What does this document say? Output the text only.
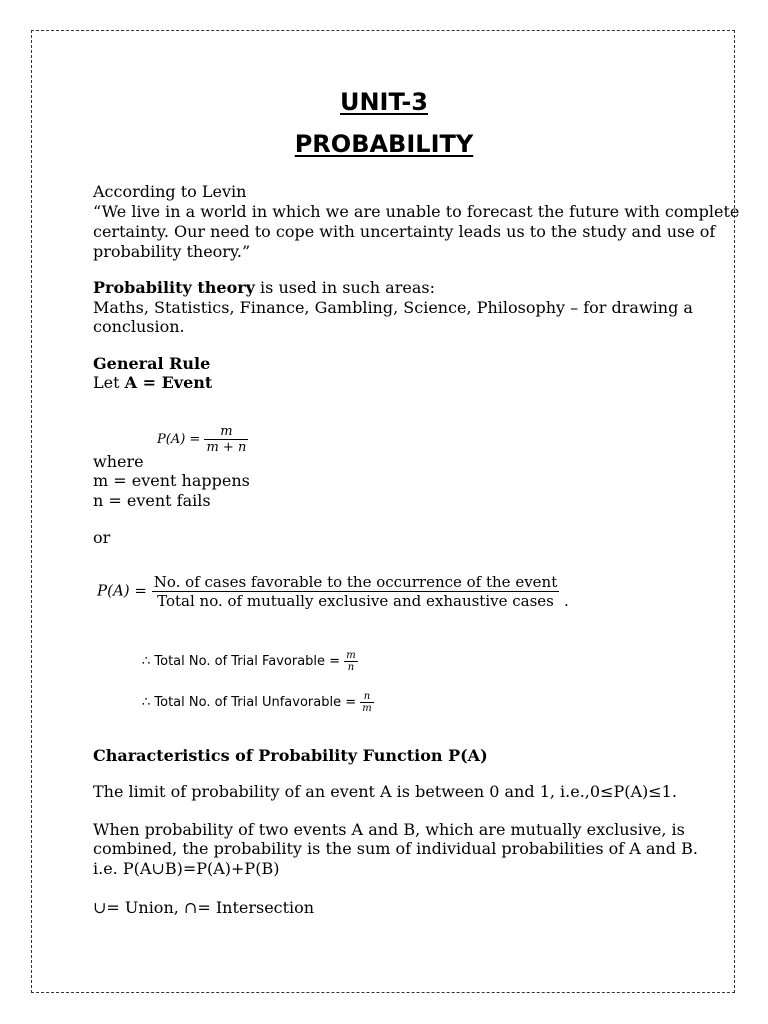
UNIT-3
PROBABILITY
According to Levin
“We live in a world in which we are unable to forecast the future with complete
certainty. Our need to cope with uncertainty leads us to the study and use of
probability theory.”
Probability theory is used in such areas:
Maths, Statistics, Finance, Gambling, Science, Philosophy – for drawing a
conclusion.
General Rule
Let A = Event
$P(A) = \frac{m}{m + n}$
where
m = event happens
n = event fails
or
$P(A) = \frac{\text{No. of cases favorable to the occurrence of the event}}{\text{Total no. of mutually exclusive and exhaustive cases}}$ .
∴ Total No. of Trial Favorable = $\frac{m}{n}$
∴ Total No. of Trial Unfavorable = $\frac{n}{m}$
Characteristics of Probability Function P(A)
The limit of probability of an event A is between 0 and 1, i.e.,0≤P(A)≤1.
When probability of two events A and B, which are mutually exclusive, is
combined, the probability is the sum of individual probabilities of A and B.
i.e. P(A∪B)=P(A)+P(B)
∪= Union, ∩= Intersection
